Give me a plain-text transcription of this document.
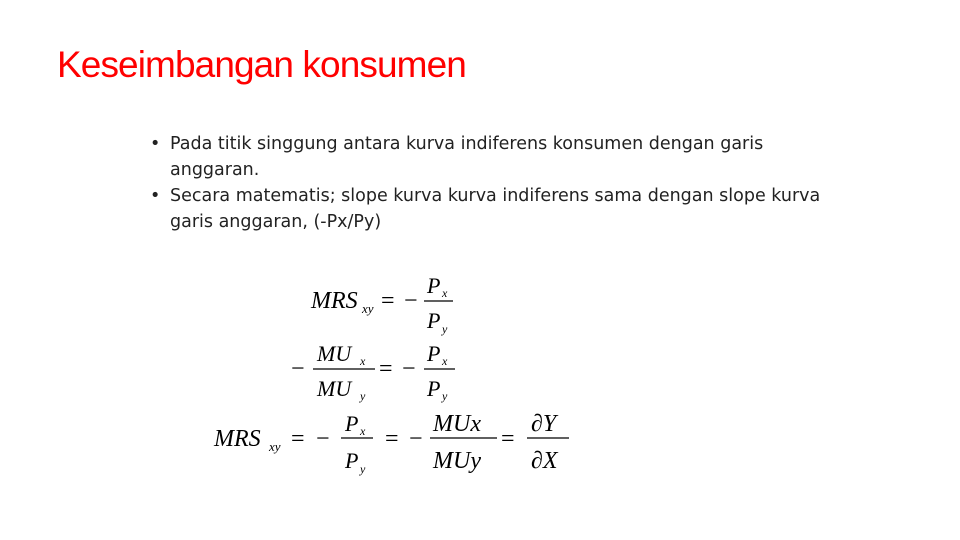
Keseimbangan konsumen
• Pada titik singgung antara kurva indiferens konsumen dengan garis anggaran.
• Secara matematis; slope kurva kurva indiferens sama dengan slope kurva garis anggaran, (-Px/Py)
MRS xy = −
P x
P y
−
MU x
MU y
= −
P x
P y
MRS xy = −
P x
P y
= −
MUx
MUy
=
∂Y
∂X
